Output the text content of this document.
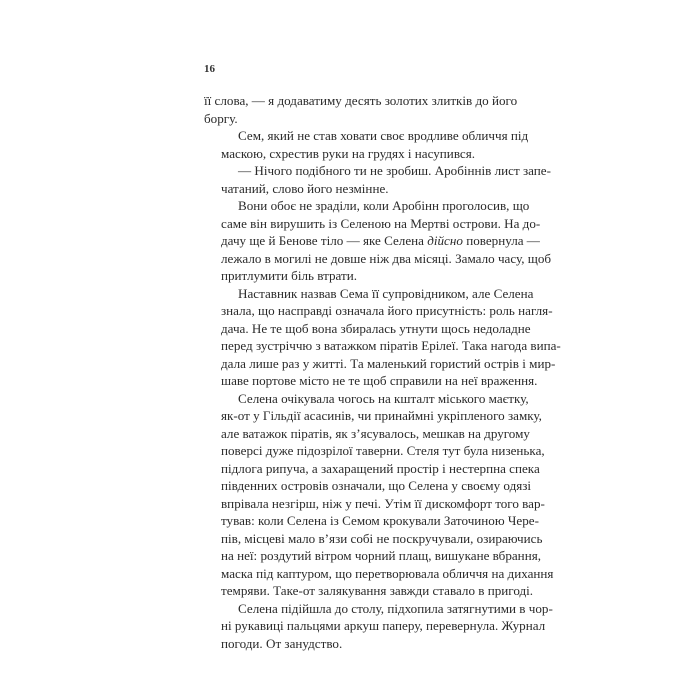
16
її слова, — я додаватиму десять золотих злитків до його
боргу.
Сем, який не став ховати своє вродливе обличчя під
маскою, схрестив руки на грудях і насупився.
— Нічого подібного ти не зробиш. Аробіннів лист запе-
чатаний, слово його незмінне.
Вони обоє не зраділи, коли Аробінн проголосив, що
саме він вирушить із Селеною на Мертві острови. На до-
дачу ще й Бенове тіло — яке Селена дійсно повернула —
лежало в могилі не довше ніж два місяці. Замало часу, щоб
притлумити біль втрати.
Наставник назвав Сема її супровідником, але Селена
знала, що насправді означала його присутність: роль нагля-
дача. Не те щоб вона збиралась утнути щось недоладне
перед зустріччю з ватажком піратів Ерілеї. Така нагода випа-
дала лише раз у житті. Та маленький гористий острів і мир-
шаве портове місто не те щоб справили на неї враження.
Селена очікувала чогось на кшталт міського маєтку,
як-от у Гільдії асасинів, чи принаймні укріпленого замку,
але ватажок піратів, як з’ясувалось, мешкав на другому
поверсі дуже підозрілої таверни. Стеля тут була низенька,
підлога рипуча, а захаращений простір і нестерпна спека
південних островів означали, що Селена у своєму одязі
впрівала незгірш, ніж у печі. Утім її дискомфорт того вар-
тував: коли Селена із Семом крокували Заточиною Чере-
пів, місцеві мало в’язи собі не поскручували, озираючись
на неї: роздутий вітром чорний плащ, вишукане вбрання,
маска під каптуром, що перетворювала обличчя на дихання
темряви. Таке-от залякування завжди ставало в пригоді.
Селена підійшла до столу, підхопила затягнутими в чор-
ні рукавиці пальцями аркуш паперу, перевернула. Журнал
погоди. От занудство.
